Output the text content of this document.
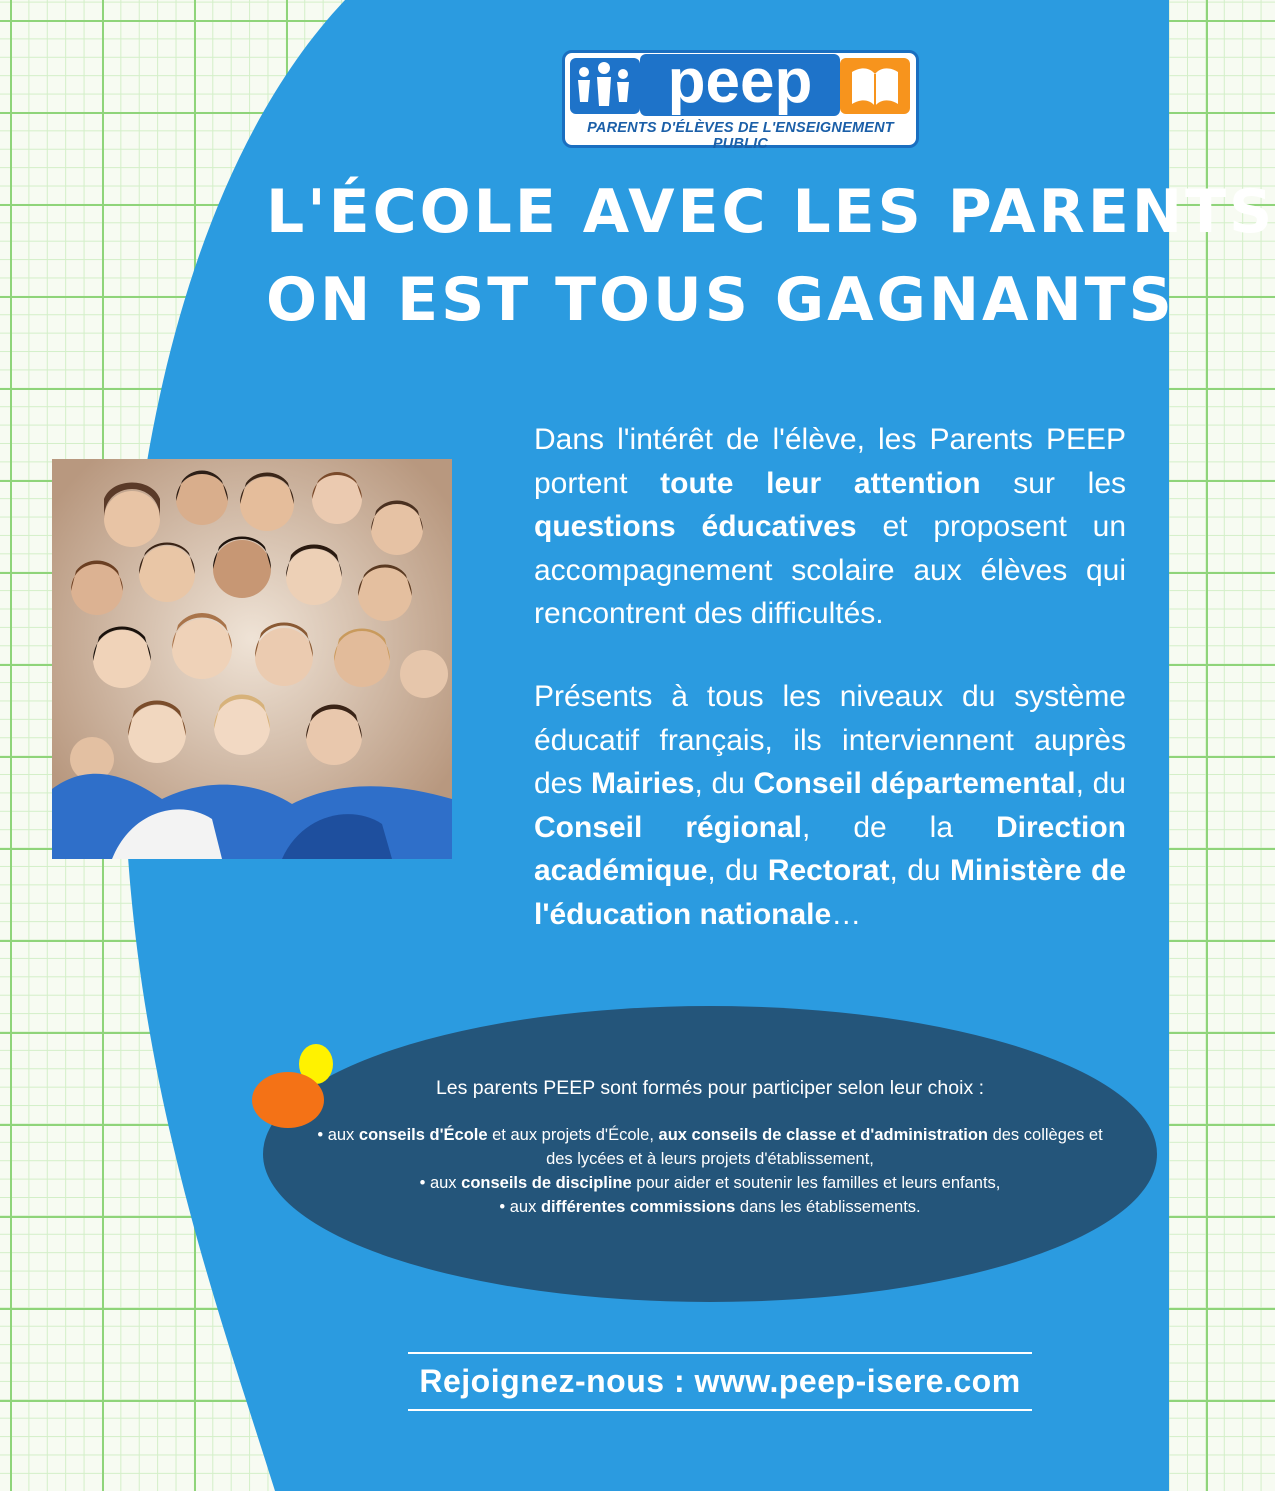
peep
PARENTS D'ÉLÈVES DE L'ENSEIGNEMENT PUBLIC
L'ÉCOLE AVEC LES PARENTS
ON EST TOUS GAGNANTS
Dans l'intérêt de l'élève, les Parents PEEP portent toute leur attention sur les questions éducatives et proposent un accompagnement scolaire aux élèves qui rencontrent des difficultés.
Présents à tous les niveaux du système éducatif français, ils interviennent auprès des Mairies, du Conseil départemental, du Conseil régional, de la Direction académique, du Rectorat, du Ministère de l'éducation nationale…
Les parents PEEP sont formés pour participer selon leur choix :
• aux conseils d'École et aux projets d'École, aux conseils de classe et d'administration des collèges et des lycées et à leurs projets d'établissement,
• aux conseils de discipline pour aider et soutenir les familles et leurs enfants,
• aux différentes commissions dans les établissements.
Rejoignez-nous : www.peep-isere.com
